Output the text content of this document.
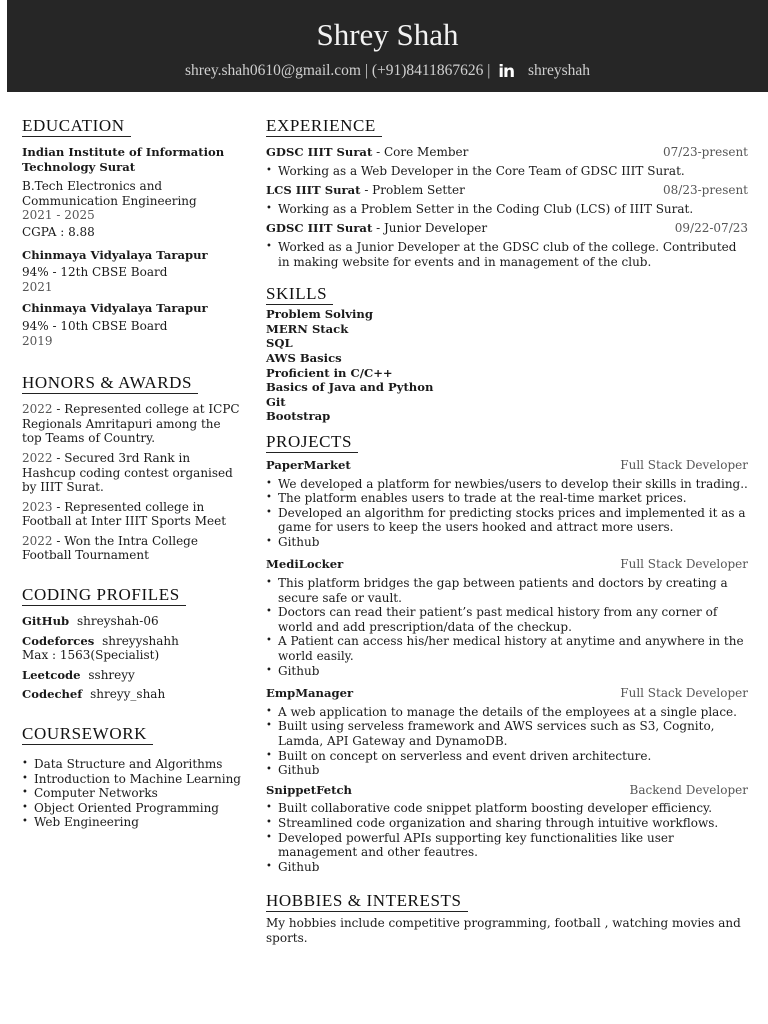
Shrey Shah
shrey.shah0610@gmail.com | (+91)8411867626 | in shreyshah
EDUCATION
Indian Institute of Information Technology Surat
B.Tech Electronics and Communication Engineering
2021 - 2025
CGPA : 8.88
Chinmaya Vidyalaya Tarapur
94% - 12th CBSE Board
2021
Chinmaya Vidyalaya Tarapur
94% - 10th CBSE Board
2019
HONORS & AWARDS
2022 - Represented college at ICPC Regionals Amritapuri among the top Teams of Country.
2022 - Secured 3rd Rank in Hashcup coding contest organised by IIIT Surat.
2023 - Represented college in Football at Inter IIIT Sports Meet
2022 - Won the Intra College Football Tournament
CODING PROFILES
GitHub shreyshah-06
Codeforces shreyyshahh
Max : 1563(Specialist)
Leetcode sshreyy
Codechef shreyy_shah
COURSEWORK
• Data Structure and Algorithms
• Introduction to Machine Learning
• Computer Networks
• Object Oriented Programming
• Web Engineering
EXPERIENCE
GDSC IIIT Surat - Core Member	07/23-present
• Working as a Web Developer in the Core Team of GDSC IIIT Surat.
LCS IIIT Surat - Problem Setter	08/23-present
• Working as a Problem Setter in the Coding Club (LCS) of IIIT Surat.
GDSC IIIT Surat - Junior Developer	09/22-07/23
• Worked as a Junior Developer at the GDSC club of the college. Contributed in making website for events and in management of the club.
SKILLS
Problem Solving
MERN Stack
SQL
AWS Basics
Proficient in C/C++
Basics of Java and Python
Git
Bootstrap
PROJECTS
PaperMarket	Full Stack Developer
• We developed a platform for newbies/users to develop their skills in trading..
• The platform enables users to trade at the real-time market prices.
• Developed an algorithm for predicting stocks prices and implemented it as a game for users to keep the users hooked and attract more users.
• Github
MediLocker	Full Stack Developer
• This platform bridges the gap between patients and doctors by creating a secure safe or vault.
• Doctors can read their patient’s past medical history from any corner of world and add prescription/data of the checkup.
• A Patient can access his/her medical history at anytime and anywhere in the world easily.
• Github
EmpManager	Full Stack Developer
• A web application to manage the details of the employees at a single place.
• Built using serveless framework and AWS services such as S3, Cognito, Lamda, API Gateway and DynamoDB.
• Built on concept on serverless and event driven architecture.
• Github
SnippetFetch	Backend Developer
• Built collaborative code snippet platform boosting developer efficiency.
• Streamlined code organization and sharing through intuitive workflows.
• Developed powerful APIs supporting key functionalities like user management and other feautres.
• Github
HOBBIES & INTERESTS
My hobbies include competitive programming, football , watching movies and sports.
